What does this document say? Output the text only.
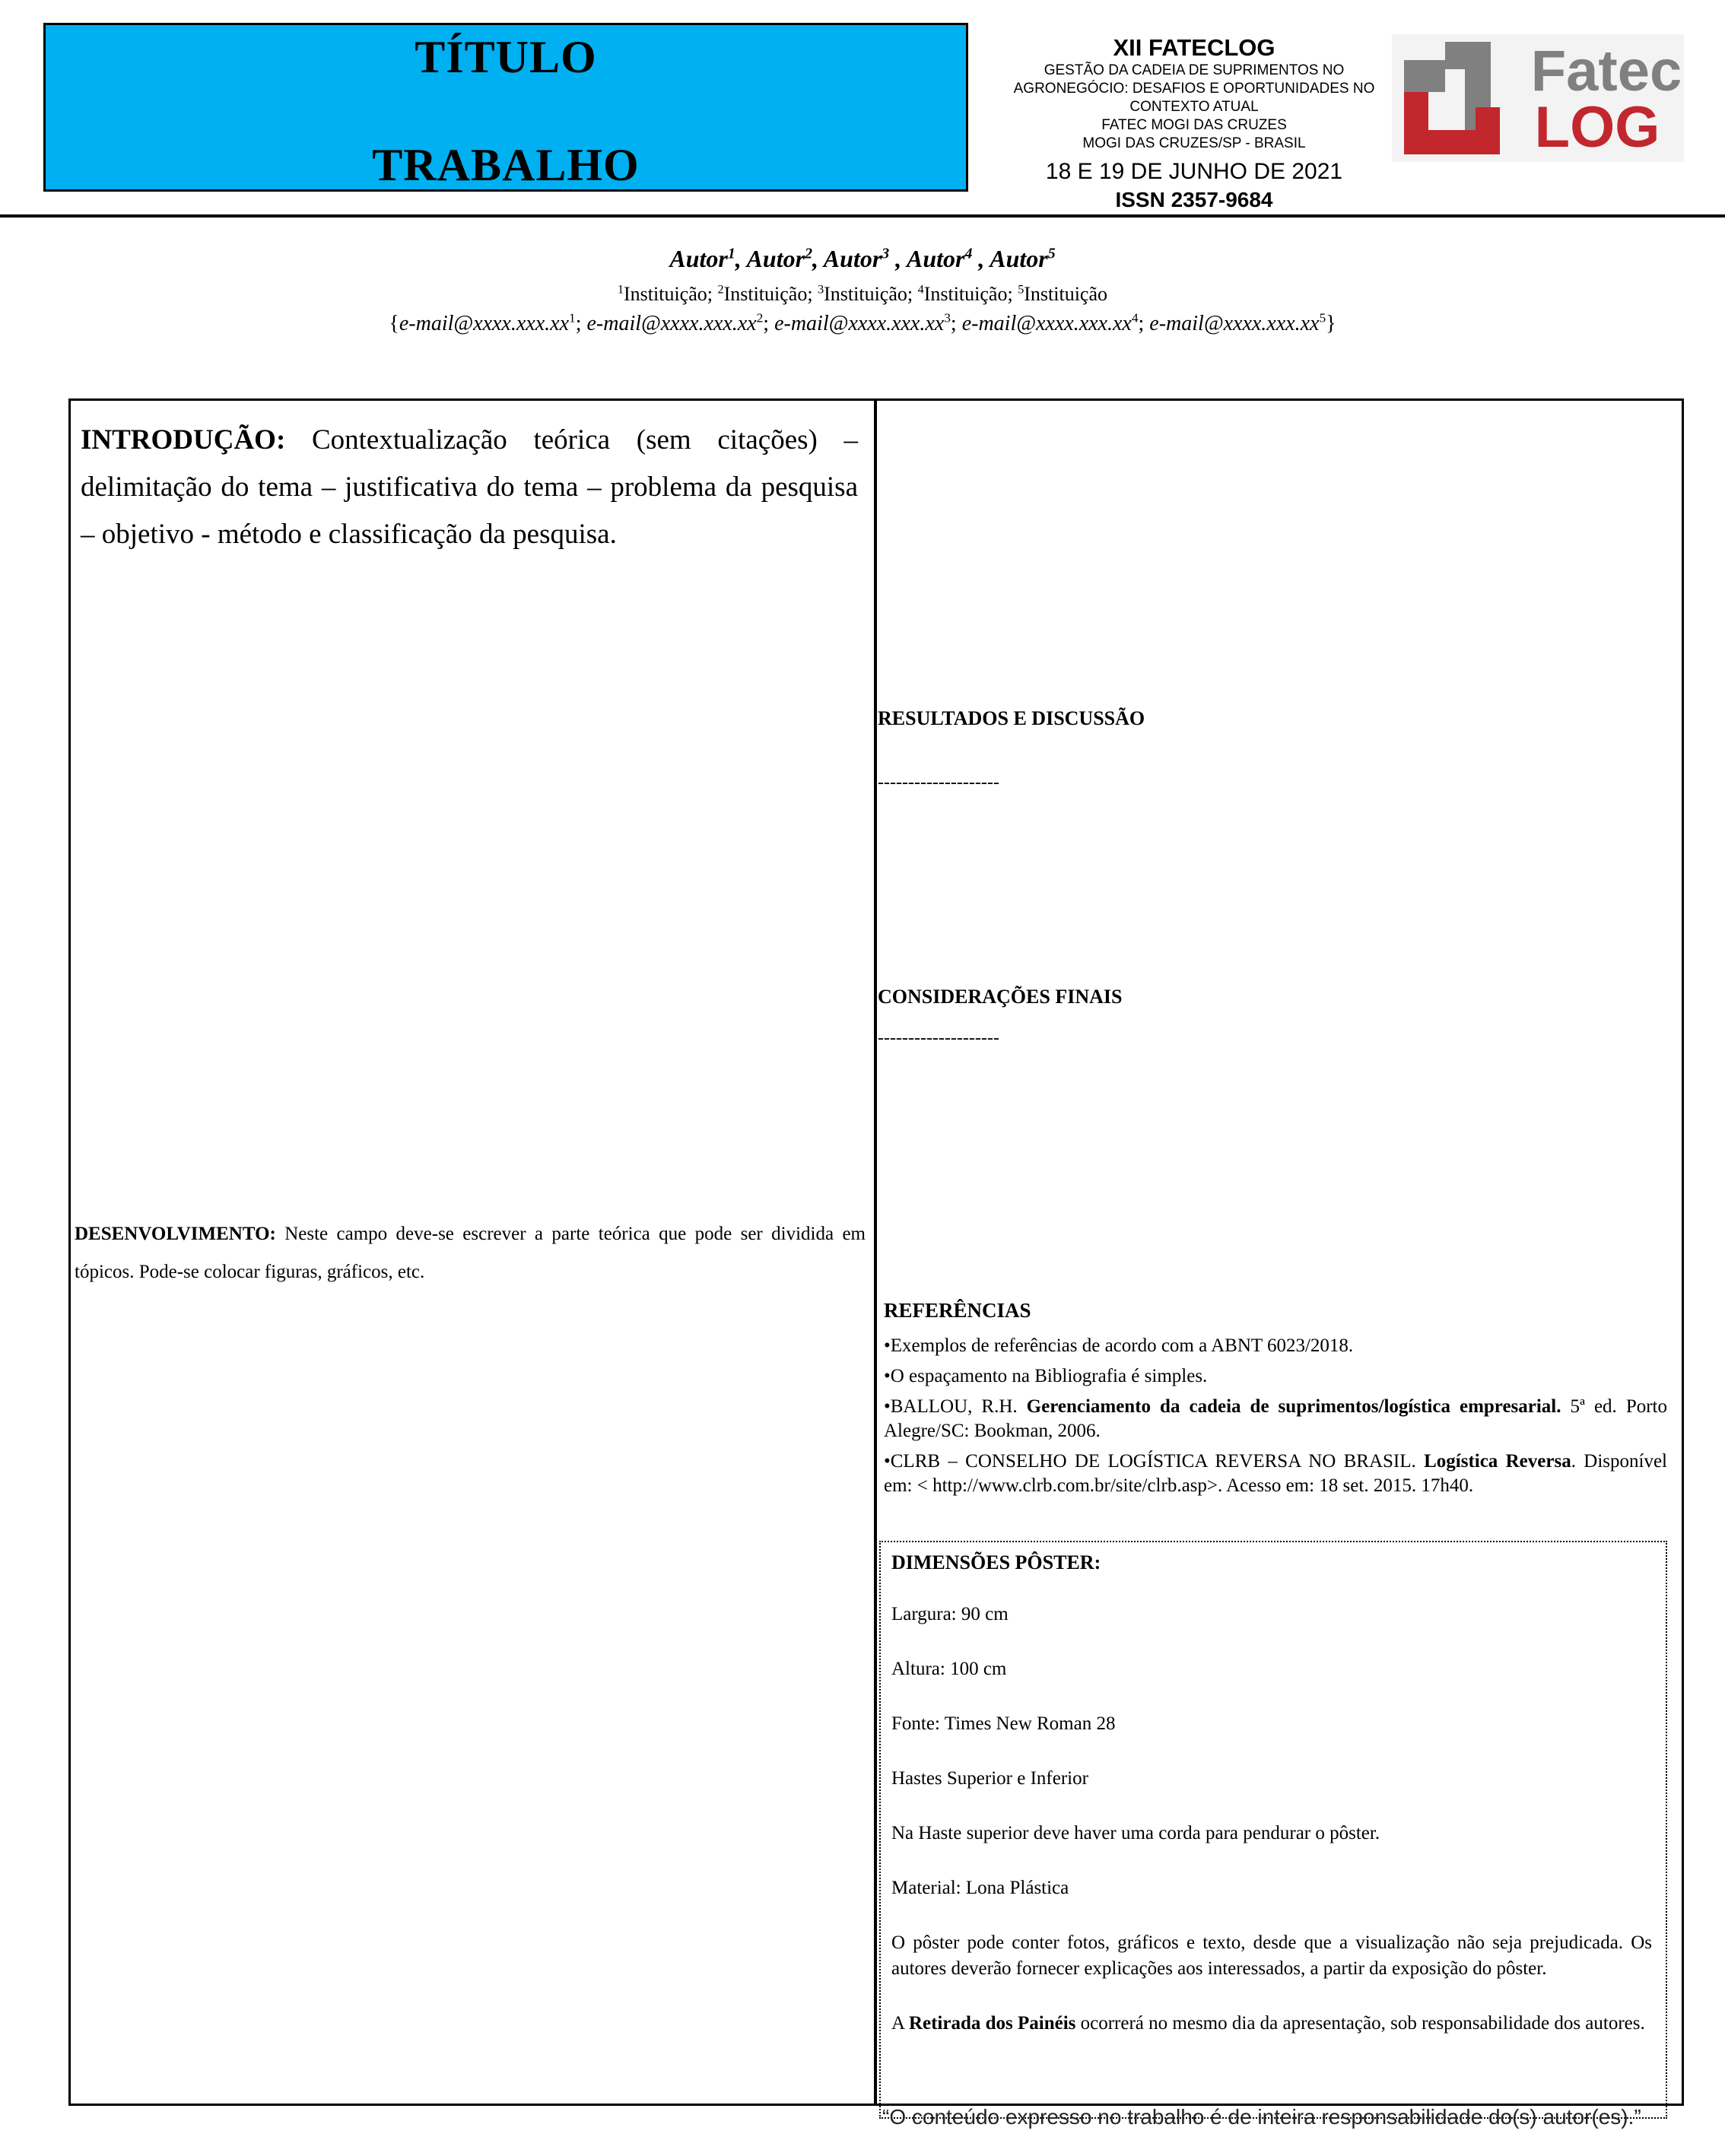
TÍTULO
TRABALHO
XII FATECLOG
GESTÃO DA CADEIA DE SUPRIMENTOS NO
AGRONEGÓCIO: DESAFIOS E OPORTUNIDADES NO
CONTEXTO ATUAL
FATEC MOGI DAS CRUZES
MOGI DAS CRUZES/SP - BRASIL
18 E 19 DE JUNHO DE 2021
ISSN 2357-9684
Fatec
LOG
Autor$^1$, Autor$^2$, Autor$^3$ , Autor$^4$ , Autor$^5$
$^1$Instituição; $^2$Instituição; $^3$Instituição; $^4$Instituição; $^5$Instituição
{$e-mail@xxxx.xxx.xx^1$; $e-mail@xxxx.xxx.xx^2$; $e-mail@xxxx.xxx.xx^3$; $e-mail@xxxx.xxx.xx^4$; $e-mail@xxxx.xxx.xx^5$}
INTRODUÇÃO: Contextualização teórica (sem citações) – delimitação do tema – justificativa do tema – problema da pesquisa – objetivo - método e classificação da pesquisa.
DESENVOLVIMENTO: Neste campo deve-se escrever a parte teórica que pode ser dividida em tópicos. Pode-se colocar figuras, gráficos, etc.
RESULTADOS E DISCUSSÃO
--------------------
CONSIDERAÇÕES FINAIS
--------------------
REFERÊNCIAS
•Exemplos de referências de acordo com a ABNT 6023/2018.
•O espaçamento na Bibliografia é simples.
•BALLOU, R.H. Gerenciamento da cadeia de suprimentos/logística empresarial. 5ª ed. Porto Alegre/SC: Bookman, 2006.
•CLRB – CONSELHO DE LOGÍSTICA REVERSA NO BRASIL. Logística Reversa. Disponível em: < http://www.clrb.com.br/site/clrb.asp>. Acesso em: 18 set. 2015. 17h40.
DIMENSÕES PÔSTER:
Largura: 90 cm
Altura: 100 cm
Fonte: Times New Roman 28
Hastes Superior e Inferior
Na Haste superior deve haver uma corda para pendurar o pôster.
Material: Lona Plástica
O pôster pode conter fotos, gráficos e texto, desde que a visualização não seja prejudicada. Os autores deverão fornecer explicações aos interessados, a partir da exposição do pôster.
A Retirada dos Painéis ocorrerá no mesmo dia da apresentação, sob responsabilidade dos autores.
“O conteúdo expresso no trabalho é de inteira responsabilidade do(s) autor(es).”
